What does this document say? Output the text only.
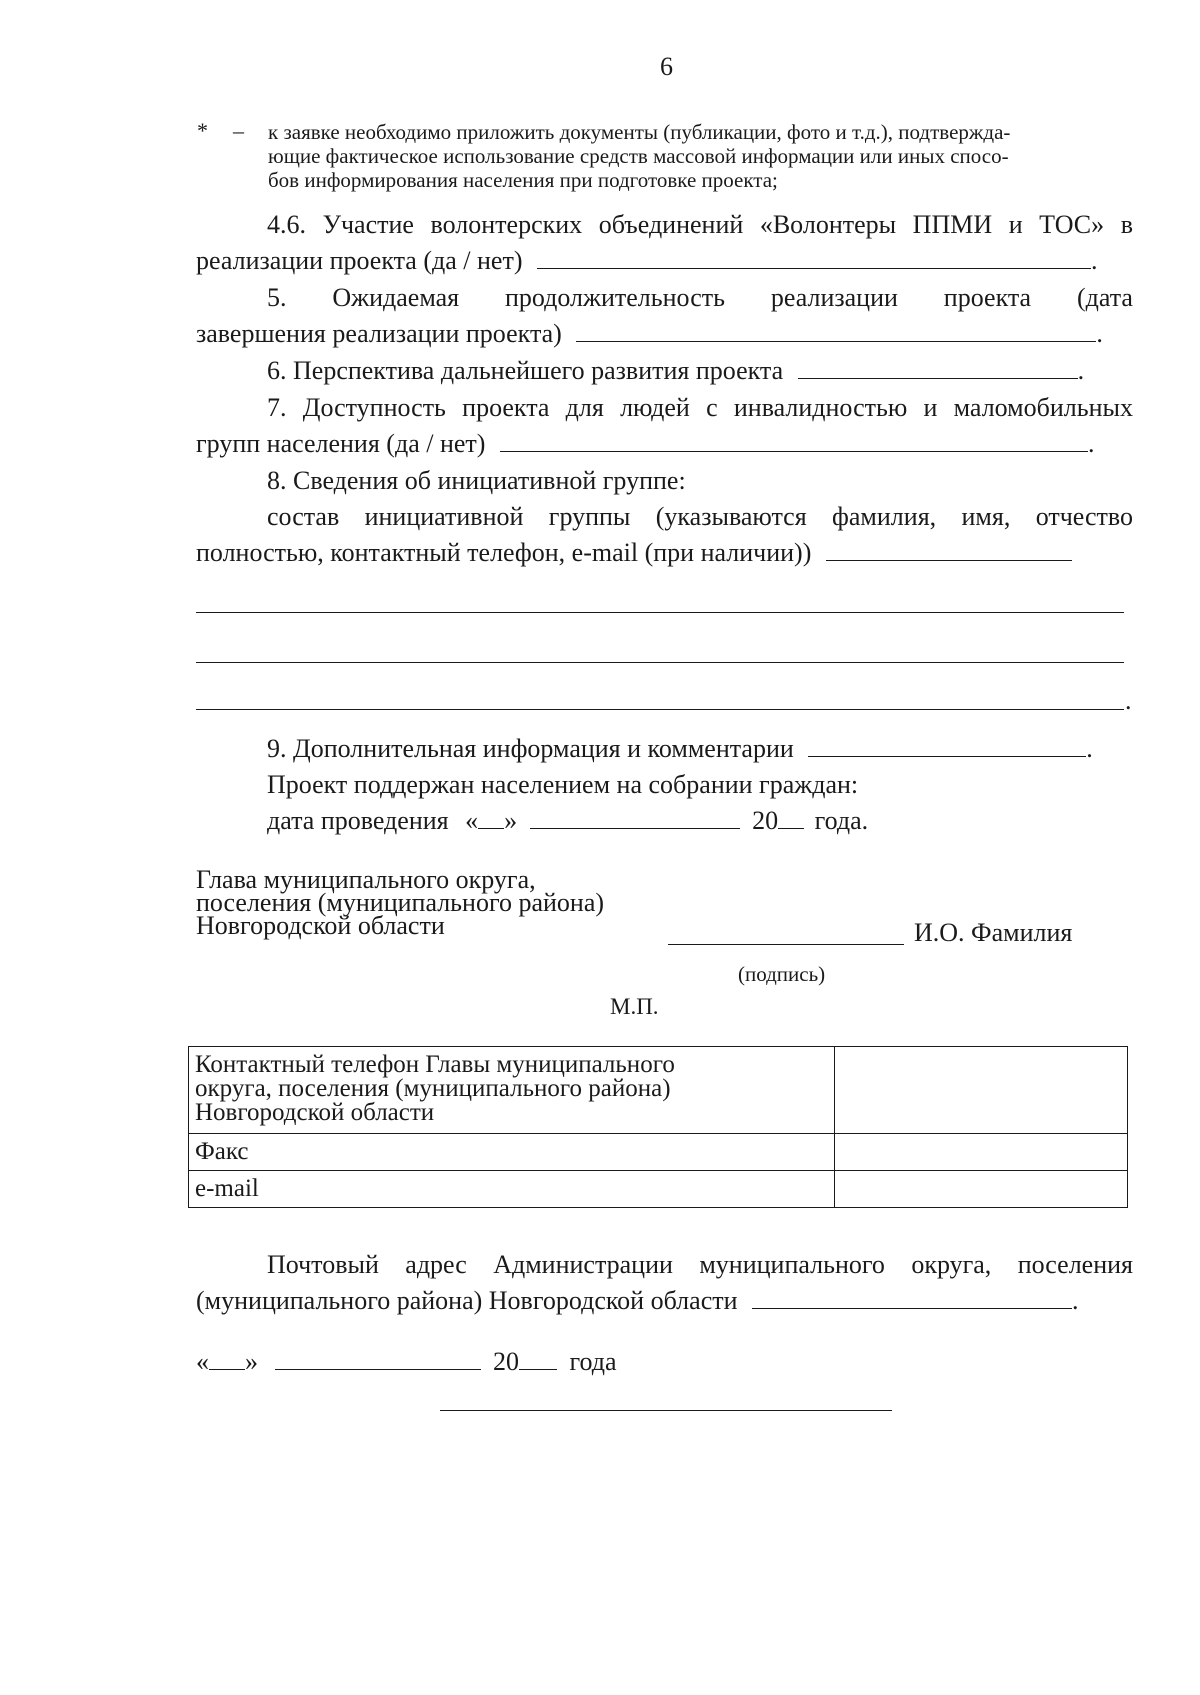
6
* – к заявке необходимо приложить документы (публикации, фото и т.д.), подтвержда-
ющие фактическое использование средств массовой информации или иных спосо-
бов информирования населения при подготовке проекта;
4.6. Участие волонтерских объединений «Волонтеры ППМИ и ТОС» в
реализации проекта (да / нет)	.
5. Ожидаемая продолжительность реализации проекта (дата
завершения реализации проекта)	.
6. Перспектива дальнейшего развития проекта	.
7. Доступность проекта для людей с инвалидностью и маломобильных
групп населения (да / нет)	.
8. Сведения об инициативной группе:
состав инициативной группы (указываются фамилия, имя, отчество
полностью, контактный телефон, e-mail (при наличии))
.
9. Дополнительная информация и комментарии	.
Проект поддержан населением на собрании граждан:
дата проведения « »	20 года.
Глава муниципального округа,
поселения (муниципального района)
Новгородской области	И.О. Фамилия
(подпись)
М.П.
Контактный телефон Главы муниципального
округа, поселения (муниципального района)
Новгородской области	

Факс	

e-mail	

Почтовый адрес Администрации муниципального округа, поселения
(муниципального района) Новгородской области	.
« »	20 года
